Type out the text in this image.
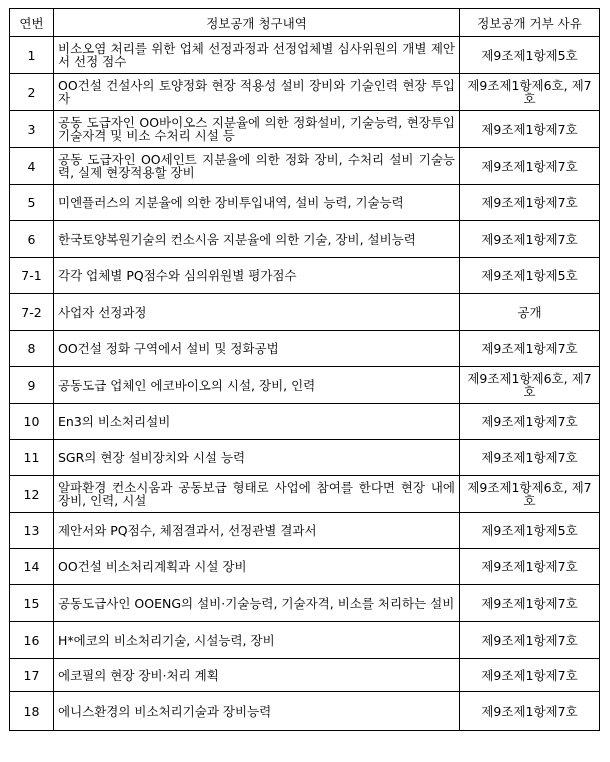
연번	정보공개 청구내역	정보공개 거부 사유
1	비소오염 처리를 위한 업체 선정과정과 선정업체별 심사위원의 개별 제안서 선정 점수	제9조제1항제5호
2	OO건설 건설사의 토양정화 현장 적용성 설비 장비와 기술인력 현장 투입자	제9조제1항제6호, 제7호
3	공동 도급자인 OO바이오스 지분율에 의한 정화설비, 기술능력, 현장투입 기술자격 및 비소 수처리 시설 등	제9조제1항제7호
4	공동 도급자인 OO세인트 지분율에 의한 정화 장비, 수처리 설비 기술능력, 실제 현장적용할 장비	제9조제1항제7호
5	미엔플러스의 지분율에 의한 장비투입내역, 설비 능력, 기술능력	제9조제1항제7호
6	한국토양복원기술의 컨소시움 지분율에 의한 기술, 장비, 설비능력	제9조제1항제7호
7-1	각각 업체별 PQ점수와 심의위원별 평가점수	제9조제1항제5호
7-2	사업자 선정과정	공개
8	OO건설 정화 구역에서 설비 및 정화공법	제9조제1항제7호
9	공동도급 업체인 에코바이오의 시설, 장비, 인력	제9조제1항제6호, 제7호
10	En3의 비소처리설비	제9조제1항제7호
11	SGR의 현장 설비장치와 시설 능력	제9조제1항제7호
12	알파환경 컨소시움과 공동보급 형태로 사업에 참여를 한다면 현장 내에 장비, 인력, 시설	제9조제1항제6호, 제7호
13	제안서와 PQ점수, 체점결과서, 선정관별 결과서	제9조제1항제5호
14	OO건설 비소처리계획과 시설 장비	제9조제1항제7호
15	공동도급사인 OOENG의 설비·기술능력, 기술자격, 비소를 처리하는 설비	제9조제1항제7호
16	H*에코의 비소처리기술, 시설능력, 장비	제9조제1항제7호
17	에코필의 현장 장비·처리 계획	제9조제1항제7호
18	에니스환경의 비소처리기술과 장비능력	제9조제1항제7호
